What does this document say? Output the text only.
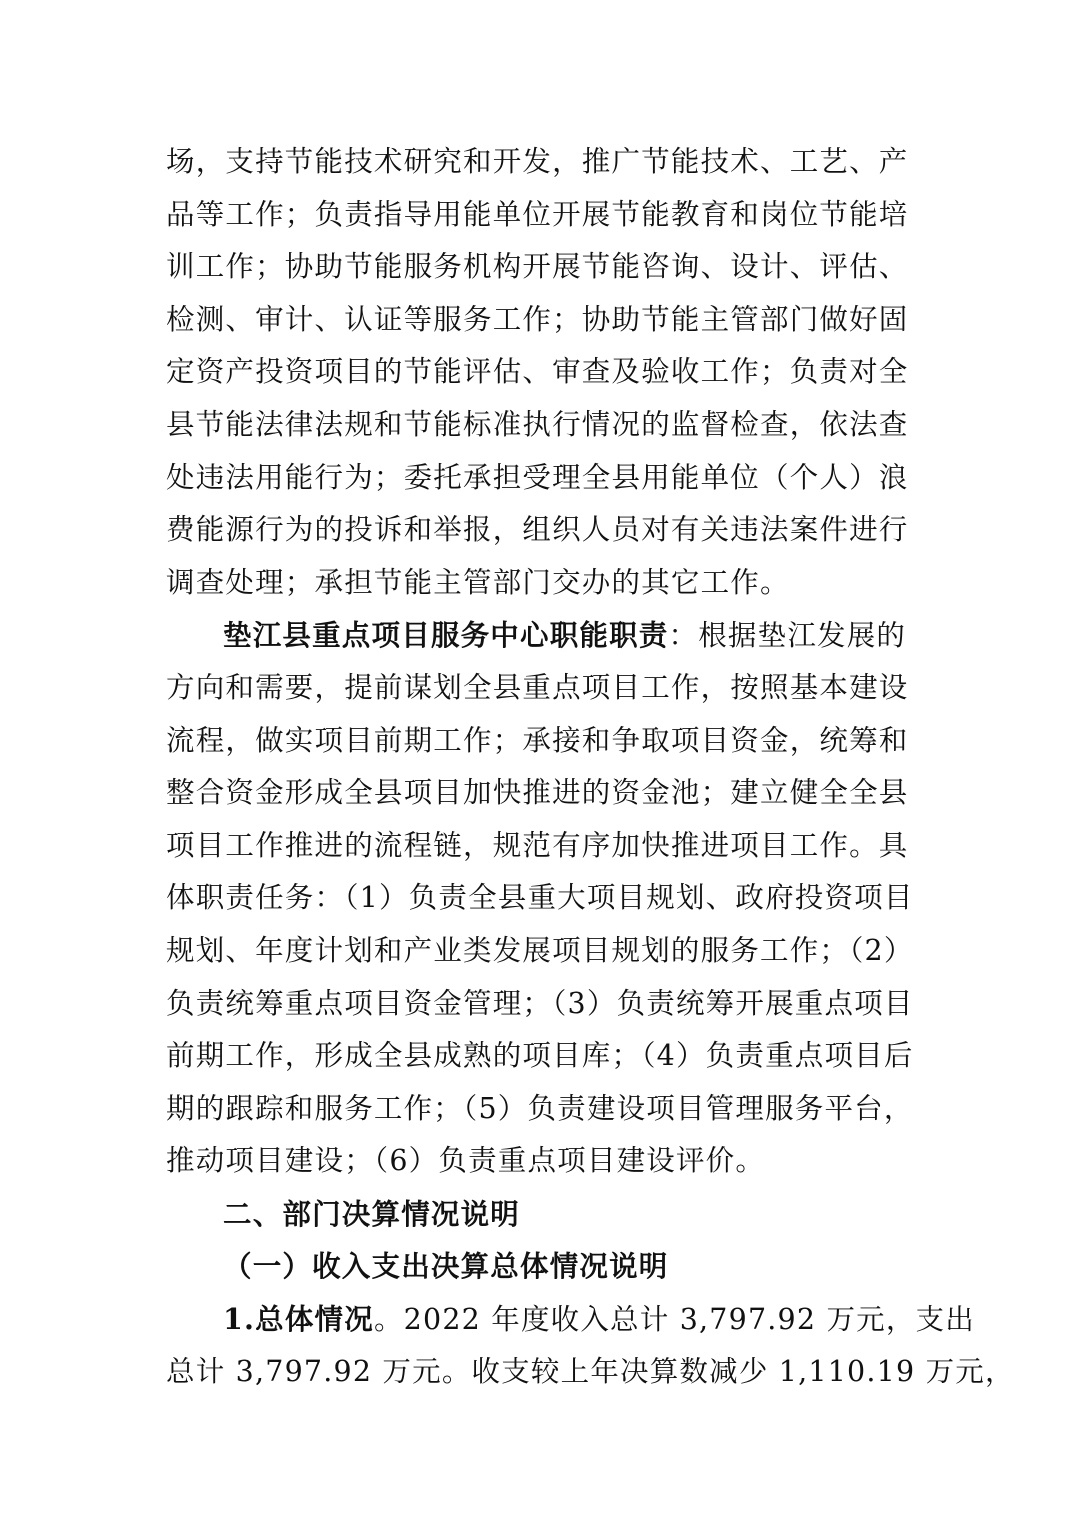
场，支持节能技术研究和开发，推广节能技术、工艺、产
品等工作；负责指导用能单位开展节能教育和岗位节能培
训工作；协助节能服务机构开展节能咨询、设计、评估、
检测、审计、认证等服务工作；协助节能主管部门做好固
定资产投资项目的节能评估、审查及验收工作；负责对全
县节能法律法规和节能标准执行情况的监督检查，依法查
处违法用能行为；委托承担受理全县用能单位（个人）浪
费能源行为的投诉和举报，组织人员对有关违法案件进行
调查处理；承担节能主管部门交办的其它工作。
垫江县重点项目服务中心职能职责：根据垫江发展的
方向和需要，提前谋划全县重点项目工作，按照基本建设
流程，做实项目前期工作；承接和争取项目资金，统筹和
整合资金形成全县项目加快推进的资金池；建立健全全县
项目工作推进的流程链，规范有序加快推进项目工作。具
体职责任务：（1）负责全县重大项目规划、政府投资项目
规划、年度计划和产业类发展项目规划的服务工作；（2）
负责统筹重点项目资金管理；（3）负责统筹开展重点项目
前期工作，形成全县成熟的项目库；（4）负责重点项目后
期的跟踪和服务工作；（5）负责建设项目管理服务平台，
推动项目建设；（6）负责重点项目建设评价。
二、部门决算情况说明
（一）收入支出决算总体情况说明
1.总体情况。2022 年度收入总计 3,797.92 万元，支出
总计 3,797.92 万元。收支较上年决算数减少 1,110.19 万元，
